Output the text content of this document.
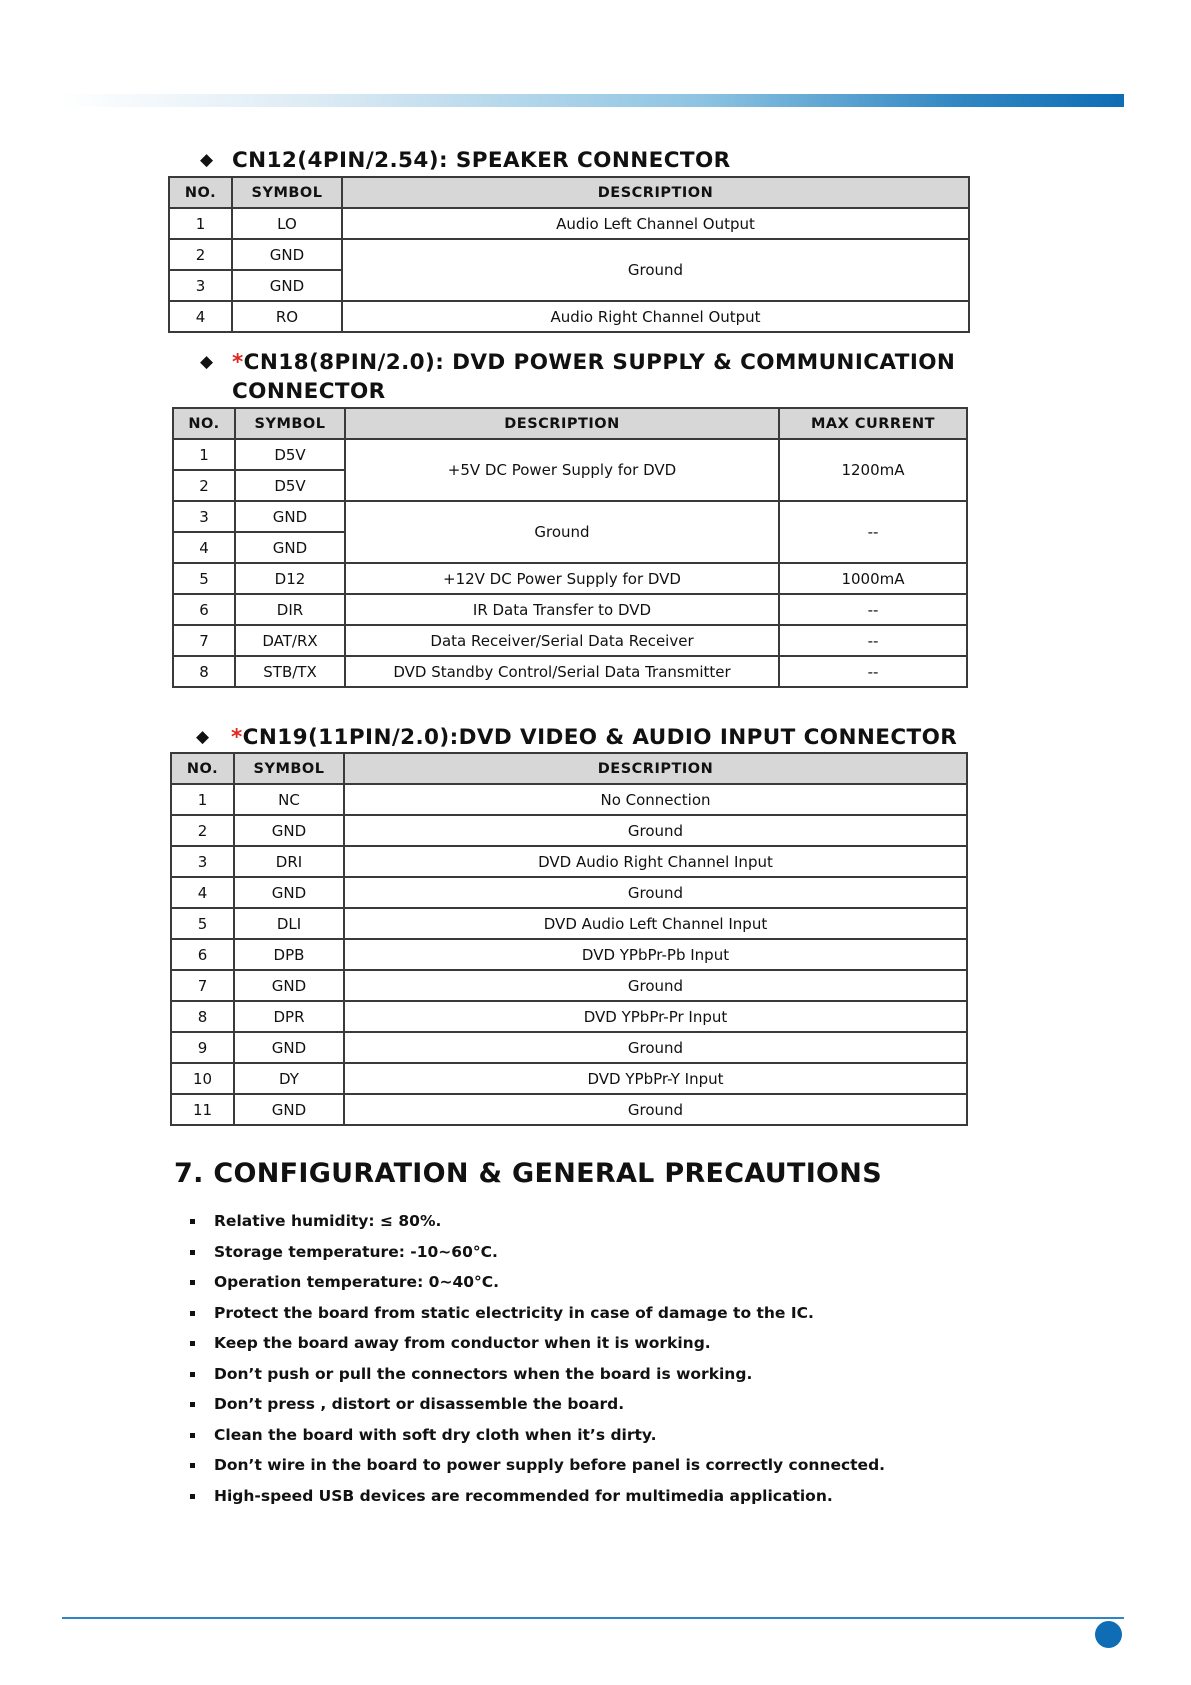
◆ CN12(4PIN/2.54): SPEAKER CONNECTOR
NO.	SYMBOL	DESCRIPTION
1	LO	Audio Left Channel Output
2	GND	Ground
3	GND	
4	RO	Audio Right Channel Output
◆ *CN18(8PIN/2.0): DVD POWER SUPPLY & COMMUNICATION
CONNECTOR
NO.	SYMBOL	DESCRIPTION	MAX CURRENT
1	D5V	+5V DC Power Supply for DVD	1200mA
2	D5V		
3	GND	Ground	--
4	GND		
5	D12	+12V DC Power Supply for DVD	1000mA
6	DIR	IR Data Transfer to DVD	--
7	DAT/RX	Data Receiver/Serial Data Receiver	--
8	STB/TX	DVD Standby Control/Serial Data Transmitter	--
◆ *CN19(11PIN/2.0):DVD VIDEO & AUDIO INPUT CONNECTOR
NO.	SYMBOL	DESCRIPTION
1	NC	No Connection
2	GND	Ground
3	DRI	DVD Audio Right Channel Input
4	GND	Ground
5	DLI	DVD Audio Left Channel Input
6	DPB	DVD YPbPr-Pb Input
7	GND	Ground
8	DPR	DVD YPbPr-Pr Input
9	GND	Ground
10	DY	DVD YPbPr-Y Input
11	GND	Ground
7. CONFIGURATION & GENERAL PRECAUTIONS
Relative humidity: ≤ 80%.
Storage temperature: -10~60°C.
Operation temperature: 0~40°C.
Protect the board from static electricity in case of damage to the IC.
Keep the board away from conductor when it is working.
Don’t push or pull the connectors when the board is working.
Don’t press , distort or disassemble the board.
Clean the board with soft dry cloth when it’s dirty.
Don’t wire in the board to power supply before panel is correctly connected.
High-speed USB devices are recommended for multimedia application.
